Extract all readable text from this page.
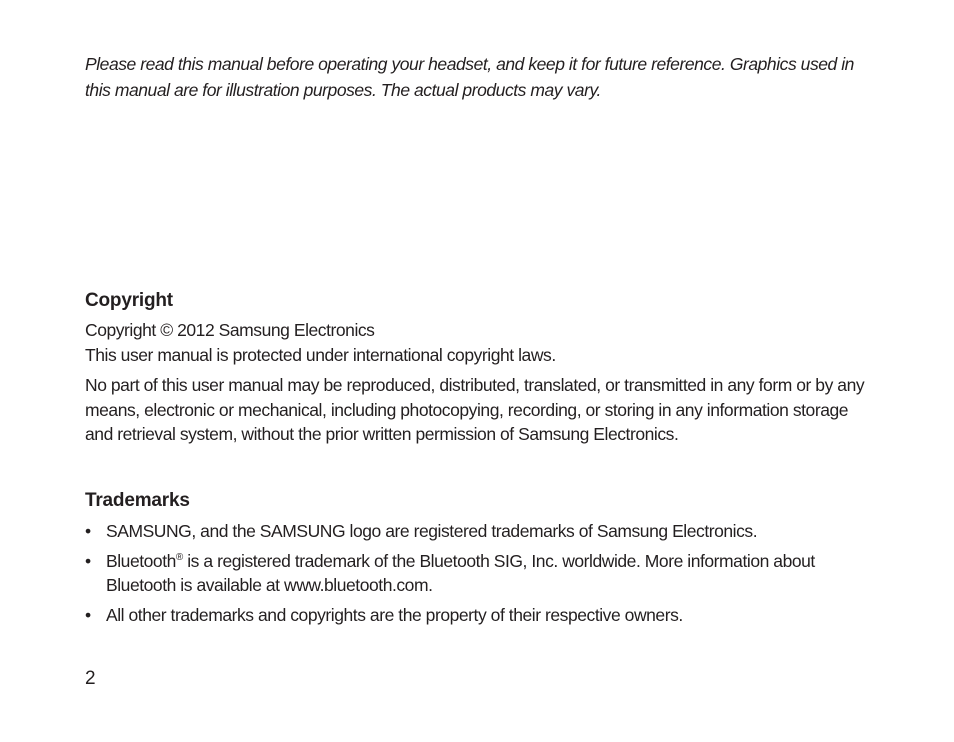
Please read this manual before operating your headset, and keep it for future reference. Graphics used in this manual are for illustration purposes. The actual products may vary.

Copyright

Copyright © 2012 Samsung Electronics

This user manual is protected under international copyright laws.

No part of this user manual may be reproduced, distributed, translated, or transmitted in any form or by any means, electronic or mechanical, including photocopying, recording, or storing in any information storage and retrieval system, without the prior written permission of Samsung Electronics.

Trademarks
• SAMSUNG, and the SAMSUNG logo are registered trademarks of Samsung Electronics.
• Bluetooth® is a registered trademark of the Bluetooth SIG, Inc. worldwide. More information about Bluetooth is available at www.bluetooth.com.
• All other trademarks and copyrights are the property of their respective owners.

2
